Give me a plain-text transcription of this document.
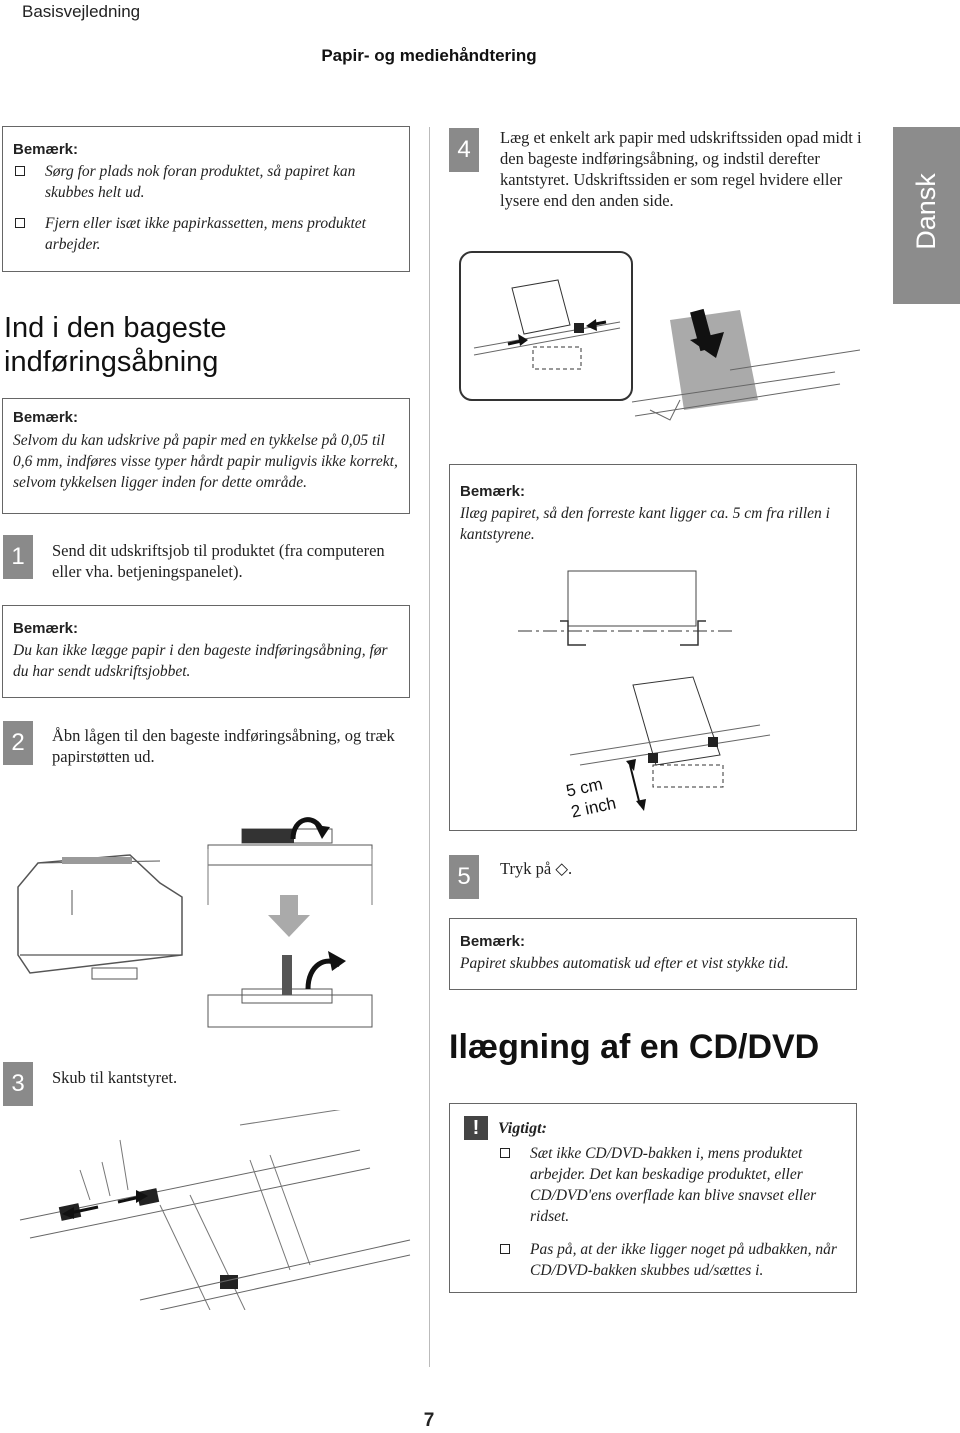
Basisvejledning
Papir- og mediehåndtering
Dansk
Bemærk:
Sørg for plads nok foran produktet, så papiret kan skubbes helt ud.
Fjern eller isæt ikke papirkassetten, mens produktet arbejder.
Ind i den bageste indføringsåbning
Bemærk:
Selvom du kan udskrive på papir med en tykkelse på 0,05 til 0,6 mm, indføres visse typer hårdt papir muligvis ikke korrekt, selvom tykkelsen ligger inden for dette område.
1	Send dit udskriftsjob til produktet (fra computeren eller vha. betjeningspanelet).
Bemærk:
Du kan ikke lægge papir i den bageste indføringsåbning, før du har sendt udskriftsjobbet.
2	Åbn lågen til den bageste indføringsåbning, og træk papirstøtten ud.
3	Skub til kantstyret.
4	Læg et enkelt ark papir med udskriftssiden opad midt i den bageste indføringsåbning, og indstil derefter kantstyret. Udskriftssiden er som regel hvidere eller lysere end den anden side.
Bemærk:
Ilæg papiret, så den forreste kant ligger ca. 5 cm fra rillen i kantstyrene.
5 cm
2 inch
5	Tryk på ◇.
Bemærk:
Papiret skubbes automatisk ud efter et vist stykke tid.
Ilægning af en CD/DVD
!	Vigtigt:
Sæt ikke CD/DVD-bakken i, mens produktet arbejder. Det kan beskadige produktet, eller CD/DVD'ens overflade kan blive snavset eller ridset.
Pas på, at der ikke ligger noget på udbakken, når CD/DVD-bakken skubbes ud/sættes i.
7
